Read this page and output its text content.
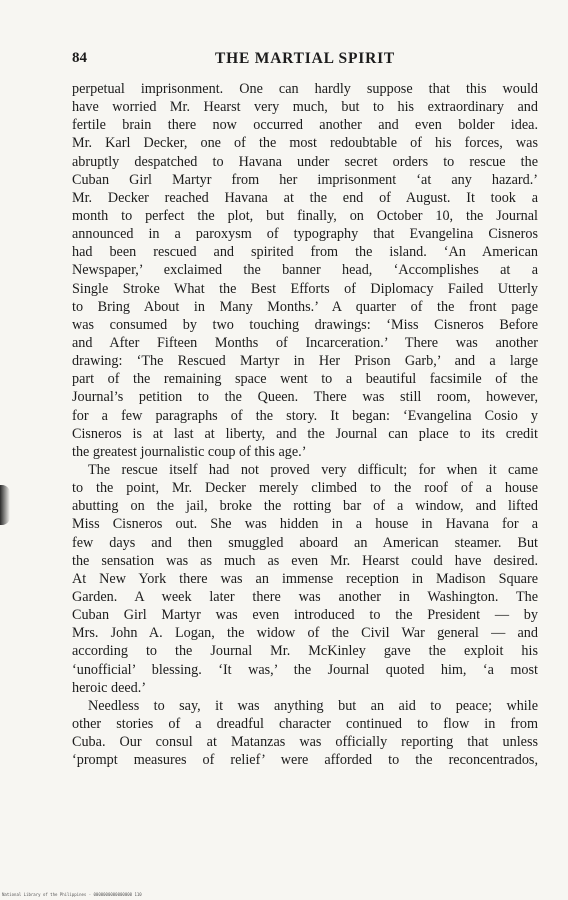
84	THE MARTIAL SPIRIT
perpetual imprisonment. One can hardly suppose that this would
have worried Mr. Hearst very much, but to his extraordinary and
fertile brain there now occurred another and even bolder idea.
Mr. Karl Decker, one of the most redoubtable of his forces, was
abruptly despatched to Havana under secret orders to rescue the
Cuban Girl Martyr from her imprisonment ‘at any hazard.’
Mr. Decker reached Havana at the end of August. It took a
month to perfect the plot, but finally, on October 10, the Journal
announced in a paroxysm of typography that Evangelina Cisneros
had been rescued and spirited from the island. ‘An American
Newspaper,’ exclaimed the banner head, ‘Accomplishes at a
Single Stroke What the Best Efforts of Diplomacy Failed Utterly
to Bring About in Many Months.’ A quarter of the front page
was consumed by two touching drawings: ‘Miss Cisneros Before
and After Fifteen Months of Incarceration.’ There was another
drawing: ‘The Rescued Martyr in Her Prison Garb,’ and a large
part of the remaining space went to a beautiful facsimile of the
Journal’s petition to the Queen. There was still room, however,
for a few paragraphs of the story. It began: ‘Evangelina Cosio y
Cisneros is at last at liberty, and the Journal can place to its credit
the greatest journalistic coup of this age.’
The rescue itself had not proved very difficult; for when it came
to the point, Mr. Decker merely climbed to the roof of a house
abutting on the jail, broke the rotting bar of a window, and lifted
Miss Cisneros out. She was hidden in a house in Havana for a
few days and then smuggled aboard an American steamer. But
the sensation was as much as even Mr. Hearst could have desired.
At New York there was an immense reception in Madison Square
Garden. A week later there was another in Washington. The
Cuban Girl Martyr was even introduced to the President — by
Mrs. John A. Logan, the widow of the Civil War general — and
according to the Journal Mr. McKinley gave the exploit his
‘unofficial’ blessing. ‘It was,’ the Journal quoted him, ‘a most
heroic deed.’
Needless to say, it was anything but an aid to peace; while
other stories of a dreadful character continued to flow in from
Cuba. Our consul at Matanzas was officially reporting that unless
‘prompt measures of relief’ were afforded to the reconcentrados,
National Library of the Philippines · 0000000000000000 110
